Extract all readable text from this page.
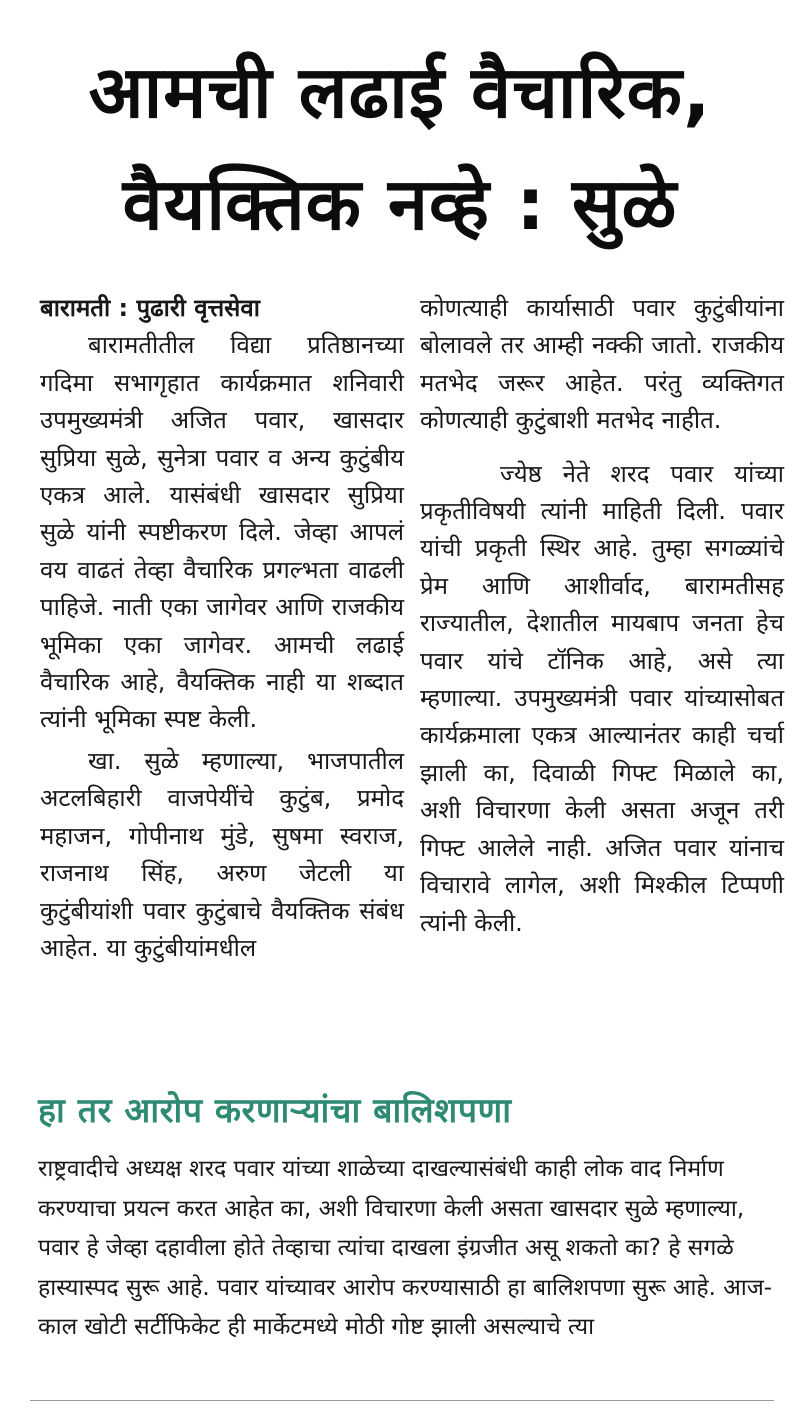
आमची लढाई वैचारिक,
वैयक्तिक नव्हे : सुळे

बारामती : पुढारी वृत्तसेवा

बारामतीतील विद्या प्रतिष्ठानच्या गदिमा सभागृहात कार्यक्रमात शनिवारी उपमुख्यमंत्री अजित पवार, खासदार सुप्रिया सुळे, सुनेत्रा पवार व अन्य कुटुंबीय एकत्र आले. यासंबंधी खासदार सुप्रिया सुळे यांनी स्पष्टीकरण दिले. जेव्हा आपलं वय वाढतं तेव्हा वैचारिक प्रगल्भता वाढली पाहिजे. नाती एका जागेवर आणि राजकीय भूमिका एका जागेवर. आमची लढाई वैचारिक आहे, वैयक्तिक नाही या शब्दात त्यांनी भूमिका स्पष्ट केली.

खा. सुळे म्हणाल्या, भाजपातील अटलबिहारी वाजपेयींचे कुटुंब, प्रमोद महाजन, गोपीनाथ मुंडे, सुषमा स्वराज, राजनाथ सिंह, अरुण जेटली या कुटुंबीयांशी पवार कुटुंबाचे वैयक्तिक संबंध आहेत. या कुटुंबीयांमधील

कोणत्याही कार्यासाठी पवार कुटुंबीयांना बोलावले तर आम्ही नक्की जातो. राजकीय मतभेद जरूर आहेत. परंतु व्यक्तिगत कोणत्याही कुटुंबाशी मतभेद नाहीत.

ज्येष्ठ नेते शरद पवार यांच्या प्रकृतीविषयी त्यांनी माहिती दिली. पवार यांची प्रकृती स्थिर आहे. तुम्हा सगळ्यांचे प्रेम आणि आशीर्वाद, बारामतीसह राज्यातील, देशातील मायबाप जनता हेच पवार यांचे टॉनिक आहे, असे त्या म्हणाल्या. उपमुख्यमंत्री पवार यांच्यासोबत कार्यक्रमाला एकत्र आल्यानंतर काही चर्चा झाली का, दिवाळी गिफ्ट मिळाले का, अशी विचारणा केली असता अजून तरी गिफ्ट आलेले नाही. अजित पवार यांनाच विचारावे लागेल, अशी मिश्कील टिप्पणी त्यांनी केली.

हा तर आरोप करणाऱ्यांचा बालिशपणा

राष्ट्रवादीचे अध्यक्ष शरद पवार यांच्या शाळेच्या दाखल्यासंबंधी काही लोक वाद निर्माण करण्याचा प्रयत्न करत आहेत का, अशी विचारणा केली असता खासदार सुळे म्हणाल्या, पवार हे जेव्हा दहावीला होते तेव्हाचा त्यांचा दाखला इंग्रजीत असू शकतो का? हे सगळे हास्यास्पद सुरू आहे. पवार यांच्यावर आरोप करण्यासाठी हा बालिशपणा सुरू आहे. आज-काल खोटी सर्टीफिकेट ही मार्केटमध्ये मोठी गोष्ट झाली असल्याचे त्या
